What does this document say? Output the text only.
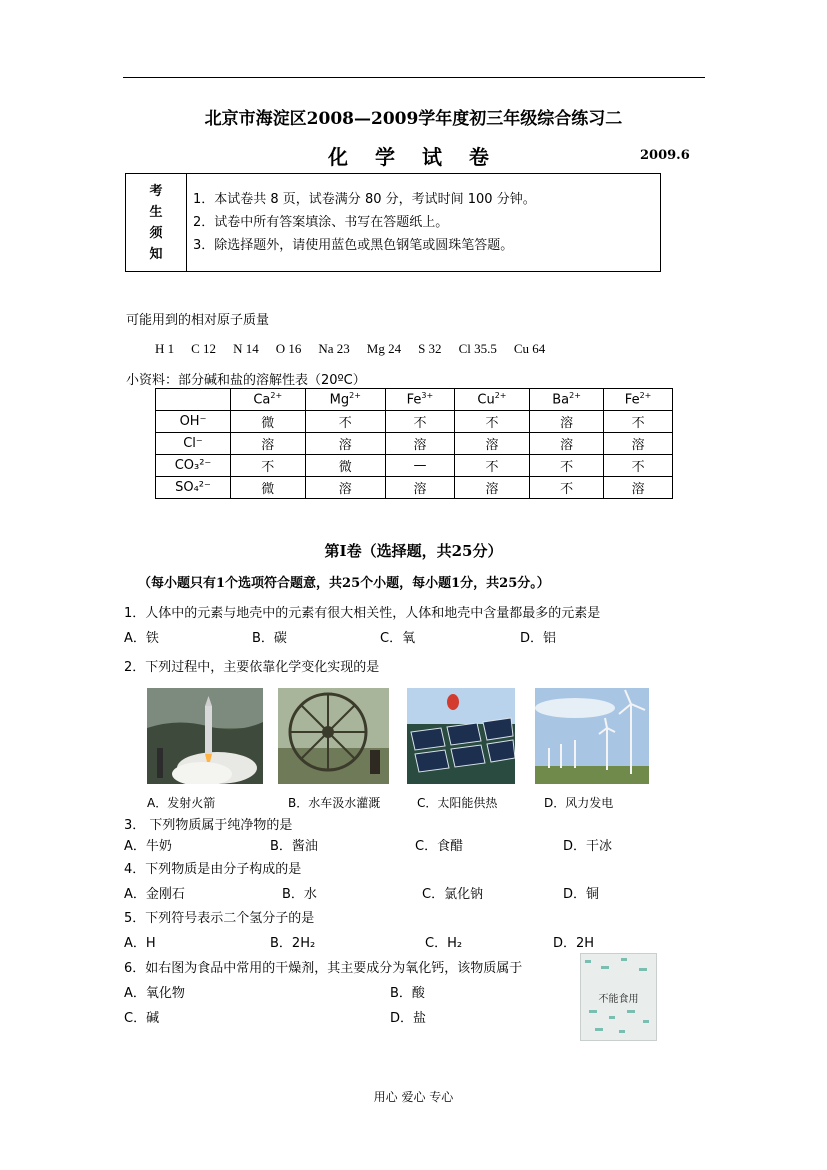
北京市海淀区2008—2009学年度初三年级综合练习二
化 学 试 卷	2009.6
考
生
须
知

1．本试卷共 8 页，试卷满分 80 分，考试时间 100 分钟。
2．试卷中所有答案填涂、书写在答题纸上。
3．除选择题外，请使用蓝色或黑色钢笔或圆珠笔答题。
可能用到的相对原子质量
H 1 C 12 N 14 O 16 Na 23 Mg 24 S 32 Cl 35.5 Cu 64
小资料：部分碱和盐的溶解性表（20ºC）
	$Ca^{2+}$	$Mg^{2+}$	$Fe^{3+}$	$Cu^{2+}$	$Ba^{2+}$	$Fe^{2+}$
OH⁻	微	不	不	不	溶	不
Cl⁻	溶	溶	溶	溶	溶	溶
CO₃²⁻	不	微	—	不	不	不
SO₄²⁻	微	溶	溶	溶	不	溶
第I卷（选择题，共25分）
（每小题只有1个选项符合题意，共25个小题，每小题1分，共25分。）
1．人体中的元素与地壳中的元素有很大相关性，人体和地壳中含量都最多的元素是
A．铁	B．碳	C．氧	D．铝
2．下列过程中，主要依靠化学变化实现的是
A．发射火箭	B．水车汲水灌溉	C．太阳能供热	D．风力发电
3． 下列物质属于纯净物的是
A．牛奶	B．酱油	C．食醋	D．干冰
4．下列物质是由分子构成的是
A．金刚石	B．水	C．氯化钠	D．铜
5．下列符号表示二个氢分子的是
A．H	B．2H₂	C．H₂	D．2H
6．如右图为食品中常用的干燥剂，其主要成分为氧化钙，该物质属于
A．氧化物	B．酸
C．碱	D．盐
不能食用
用心 爱心 专心
